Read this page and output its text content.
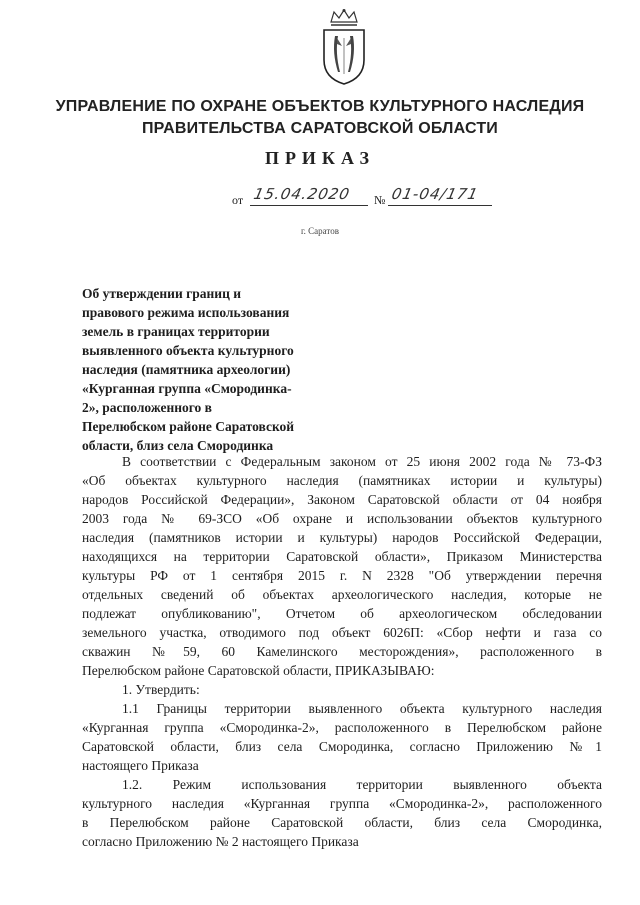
УПРАВЛЕНИЕ ПО ОХРАНЕ ОБЪЕКТОВ КУЛЬТУРНОГО НАСЛЕДИЯ
ПРАВИТЕЛЬСТВА САРАТОВСКОЙ ОБЛАСТИ
ПРИКАЗ
от 15.04.2020 № 01-04/171
г. Саратов
Об утверждении границ и
правового режима использования
земель в границах территории
выявленного объекта культурного
наследия (памятника археологии)
«Курганная группа «Смородинка-
2», расположенного в
Перелюбском районе Саратовской
области, близ села Смородинка
В соответствии с Федеральным законом от 25 июня 2002 года № 73-ФЗ
«Об объектах культурного наследия (памятниках истории и культуры)
народов Российской Федерации», Законом Саратовской области от 04 ноября
2003 года № 69-ЗСО «Об охране и использовании объектов культурного
наследия (памятников истории и культуры) народов Российской Федерации,
находящихся на территории Саратовской области», Приказом Министерства
культуры РФ от 1 сентября 2015 г. N 2328 "Об утверждении перечня
отдельных сведений об объектах археологического наследия, которые не
подлежат опубликованию", Отчетом об археологическом обследовании
земельного участка, отводимого под объект 6026П: «Сбор нефти и газа со
скважин №59, 60 Камелинского месторождения», расположенного в
Перелюбском районе Саратовской области, ПРИКАЗЫВАЮ:
1. Утвердить:
1.1 Границы территории выявленного объекта культурного наследия
«Курганная группа «Смородинка-2», расположенного в Перелюбском районе
Саратовской области, близ села Смородинка, согласно Приложению №1
настоящего Приказа
1.2. Режим использования территории выявленного объекта
культурного наследия «Курганная группа «Смородинка-2», расположенного
в Перелюбском районе Саратовской области, близ села Смородинка,
согласно Приложению № 2 настоящего Приказа
